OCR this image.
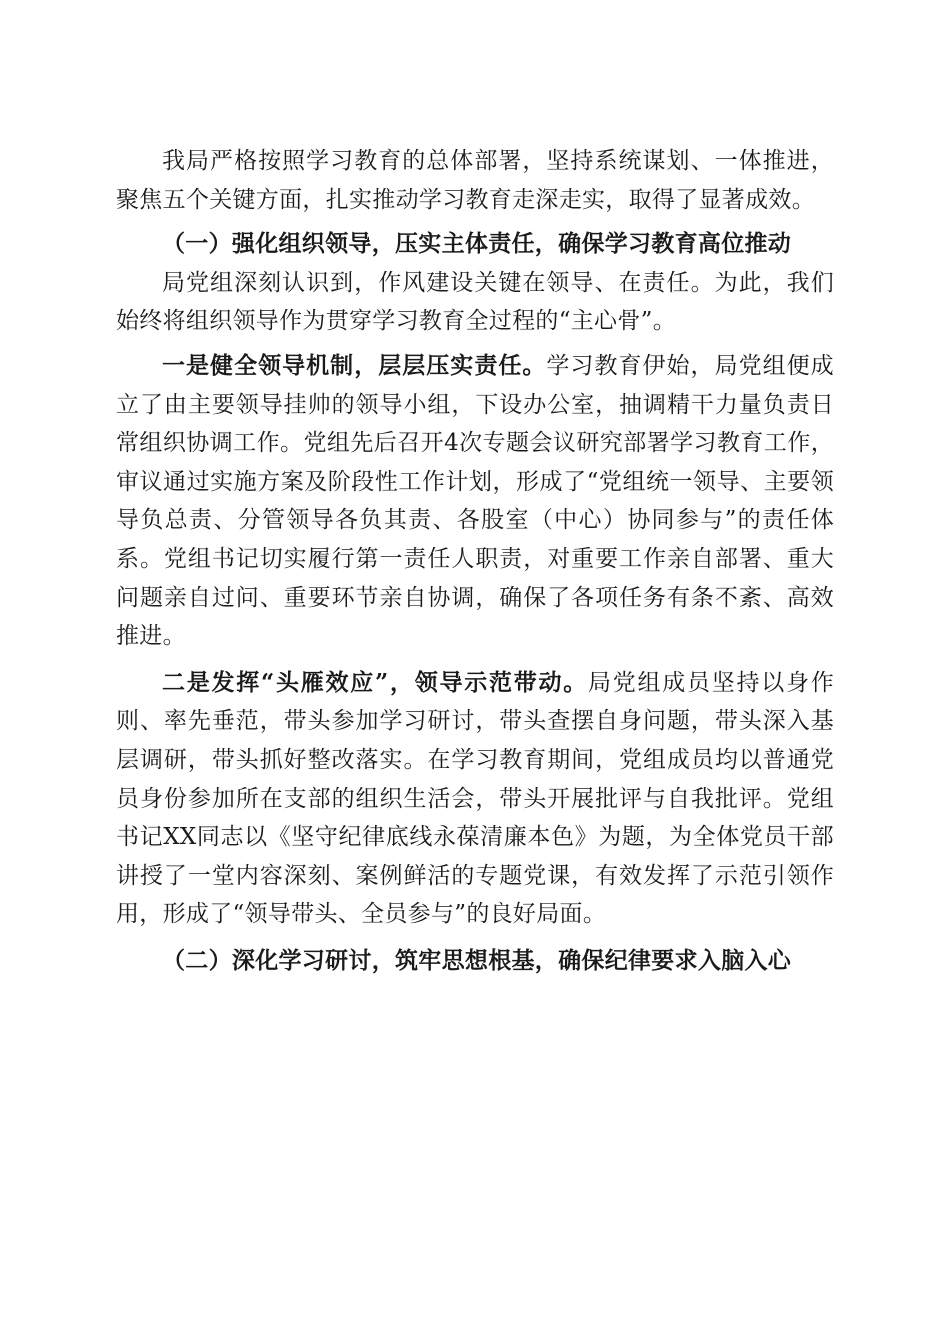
我局严格按照学习教育的总体部署，坚持系统谋划、一体推进，聚焦五个关键方面，扎实推动学习教育走深走实，取得了显著成效。

（一）强化组织领导，压实主体责任，确保学习教育高位推动

局党组深刻认识到，作风建设关键在领导、在责任。为此，我们始终将组织领导作为贯穿学习教育全过程的“主心骨”。

一是健全领导机制，层层压实责任。学习教育伊始，局党组便成立了由主要领导挂帅的领导小组，下设办公室，抽调精干力量负责日常组织协调工作。党组先后召开4次专题会议研究部署学习教育工作，审议通过实施方案及阶段性工作计划，形成了“党组统一领导、主要领导负总责、分管领导各负其责、各股室（中心）协同参与”的责任体系。党组书记切实履行第一责任人职责，对重要工作亲自部署、重大问题亲自过问、重要环节亲自协调，确保了各项任务有条不紊、高效推进。

二是发挥“头雁效应”，领导示范带动。局党组成员坚持以身作则、率先垂范，带头参加学习研讨，带头查摆自身问题，带头深入基层调研，带头抓好整改落实。在学习教育期间，党组成员均以普通党员身份参加所在支部的组织生活会，带头开展批评与自我批评。党组书记XX同志以《坚守纪律底线永葆清廉本色》为题，为全体党员干部讲授了一堂内容深刻、案例鲜活的专题党课，有效发挥了示范引领作用，形成了“领导带头、全员参与”的良好局面。

（二）深化学习研讨，筑牢思想根基，确保纪律要求入脑入心
